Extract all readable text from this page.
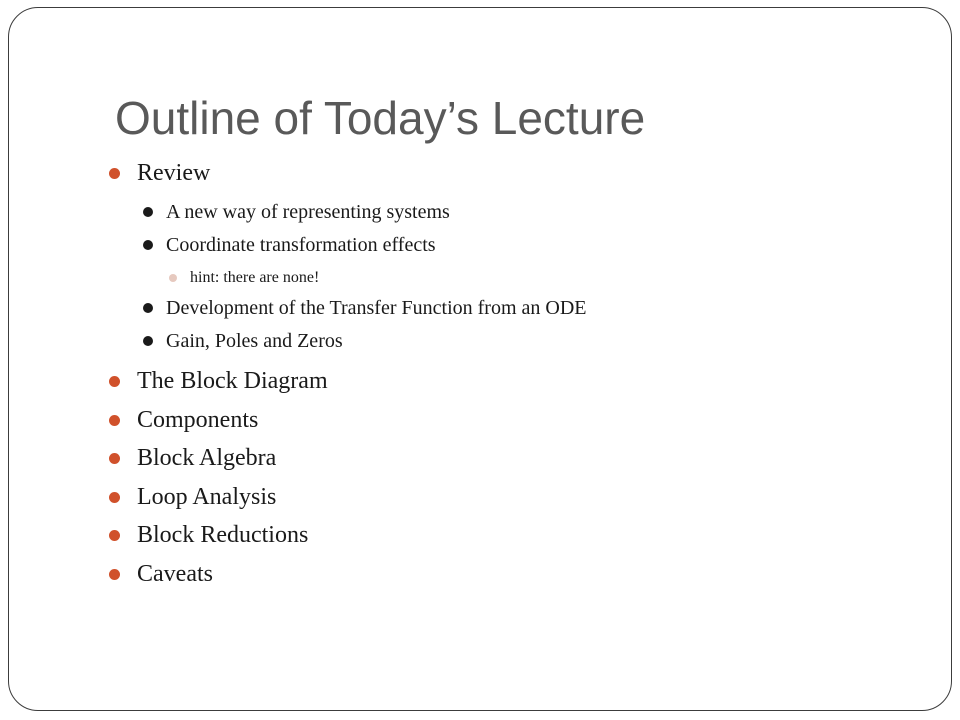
Outline of Today’s Lecture
Review
A new way of representing systems
Coordinate transformation effects
hint: there are none!
Development of the Transfer Function from an ODE
Gain, Poles and Zeros
The Block Diagram
Components
Block Algebra
Loop Analysis
Block Reductions
Caveats
